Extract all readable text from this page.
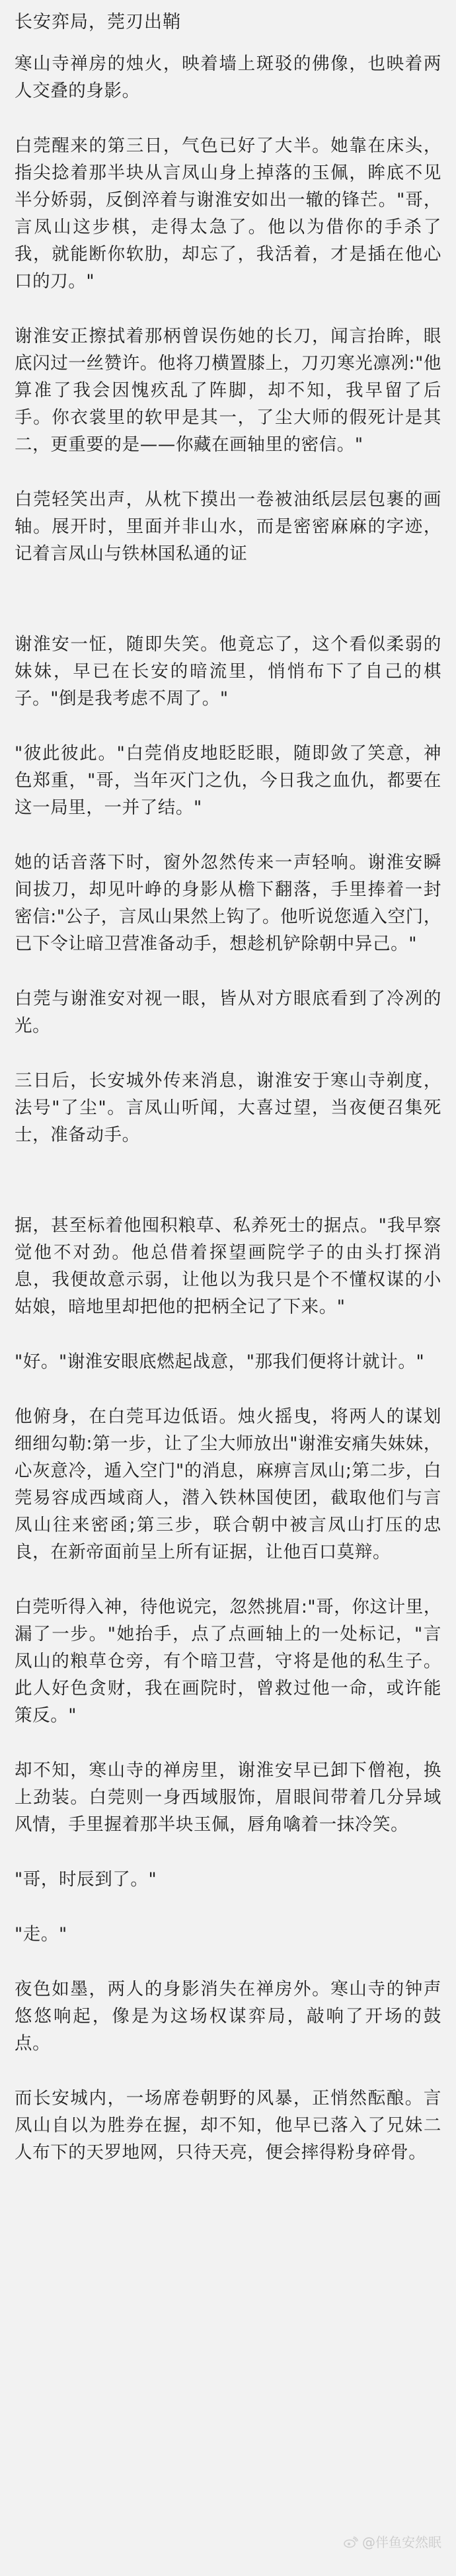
长安弈局，莞刃出鞘
寒山寺禅房的烛火，映着墙上斑驳的佛像，也映着两人交叠的身影。
白莞醒来的第三日，气色已好了大半。她靠在床头，指尖捻着那半块从言凤山身上掉落的玉佩，眸底不见半分娇弱，反倒淬着与谢淮安如出一辙的锋芒。"哥，言凤山这步棋，走得太急了。他以为借你的手杀了我，就能断你软肋，却忘了，我活着，才是插在他心口的刀。"
谢淮安正擦拭着那柄曾误伤她的长刀，闻言抬眸，眼底闪过一丝赞许。他将刀横置膝上，刀刃寒光凛冽:"他算准了我会因愧疚乱了阵脚，却不知，我早留了后手。你衣裳里的软甲是其一，了尘大师的假死计是其二，更重要的是——你藏在画轴里的密信。"
白莞轻笑出声，从枕下摸出一卷被油纸层层包裹的画轴。展开时，里面并非山水，而是密密麻麻的字迹，记着言凤山与铁林国私通的证
谢淮安一怔，随即失笑。他竟忘了，这个看似柔弱的妹妹，早已在长安的暗流里，悄悄布下了自己的棋子。"倒是我考虑不周了。"
"彼此彼此。"白莞俏皮地眨眨眼，随即敛了笑意，神色郑重，"哥，当年灭门之仇，今日我之血仇，都要在这一局里，一并了结。"
她的话音落下时，窗外忽然传来一声轻响。谢淮安瞬间拔刀，却见叶峥的身影从檐下翻落，手里捧着一封密信:"公子，言凤山果然上钩了。他听说您遁入空门，已下令让暗卫营准备动手，想趁机铲除朝中异己。"
白莞与谢淮安对视一眼，皆从对方眼底看到了冷冽的光。
三日后，长安城外传来消息，谢淮安于寒山寺剃度，法号"了尘"。言凤山听闻，大喜过望，当夜便召集死士，准备动手。
据，甚至标着他囤积粮草、私养死士的据点。"我早察觉他不对劲。他总借着探望画院学子的由头打探消息，我便故意示弱，让他以为我只是个不懂权谋的小姑娘，暗地里却把他的把柄全记了下来。"
"好。"谢淮安眼底燃起战意，"那我们便将计就计。"
他俯身，在白莞耳边低语。烛火摇曳，将两人的谋划细细勾勒:第一步，让了尘大师放出"谢淮安痛失妹妹，心灰意冷，遁入空门"的消息，麻痹言凤山;第二步，白莞易容成西域商人，潜入铁林国使团，截取他们与言凤山往来密函;第三步，联合朝中被言凤山打压的忠良，在新帝面前呈上所有证据，让他百口莫辩。
白莞听得入神，待他说完，忽然挑眉:"哥，你这计里，漏了一步。"她抬手，点了点画轴上的一处标记，"言凤山的粮草仓旁，有个暗卫营，守将是他的私生子。此人好色贪财，我在画院时，曾救过他一命，或许能策反。"
却不知，寒山寺的禅房里，谢淮安早已卸下僧袍，换上劲装。白莞则一身西域服饰，眉眼间带着几分异域风情，手里握着那半块玉佩，唇角噙着一抹冷笑。
"哥，时辰到了。"
"走。"
夜色如墨，两人的身影消失在禅房外。寒山寺的钟声悠悠响起，像是为这场权谋弈局，敲响了开场的鼓点。
而长安城内，一场席卷朝野的风暴，正悄然酝酿。言凤山自以为胜券在握，却不知，他早已落入了兄妹二人布下的天罗地网，只待天亮，便会摔得粉身碎骨。
@伴鱼安然眠
